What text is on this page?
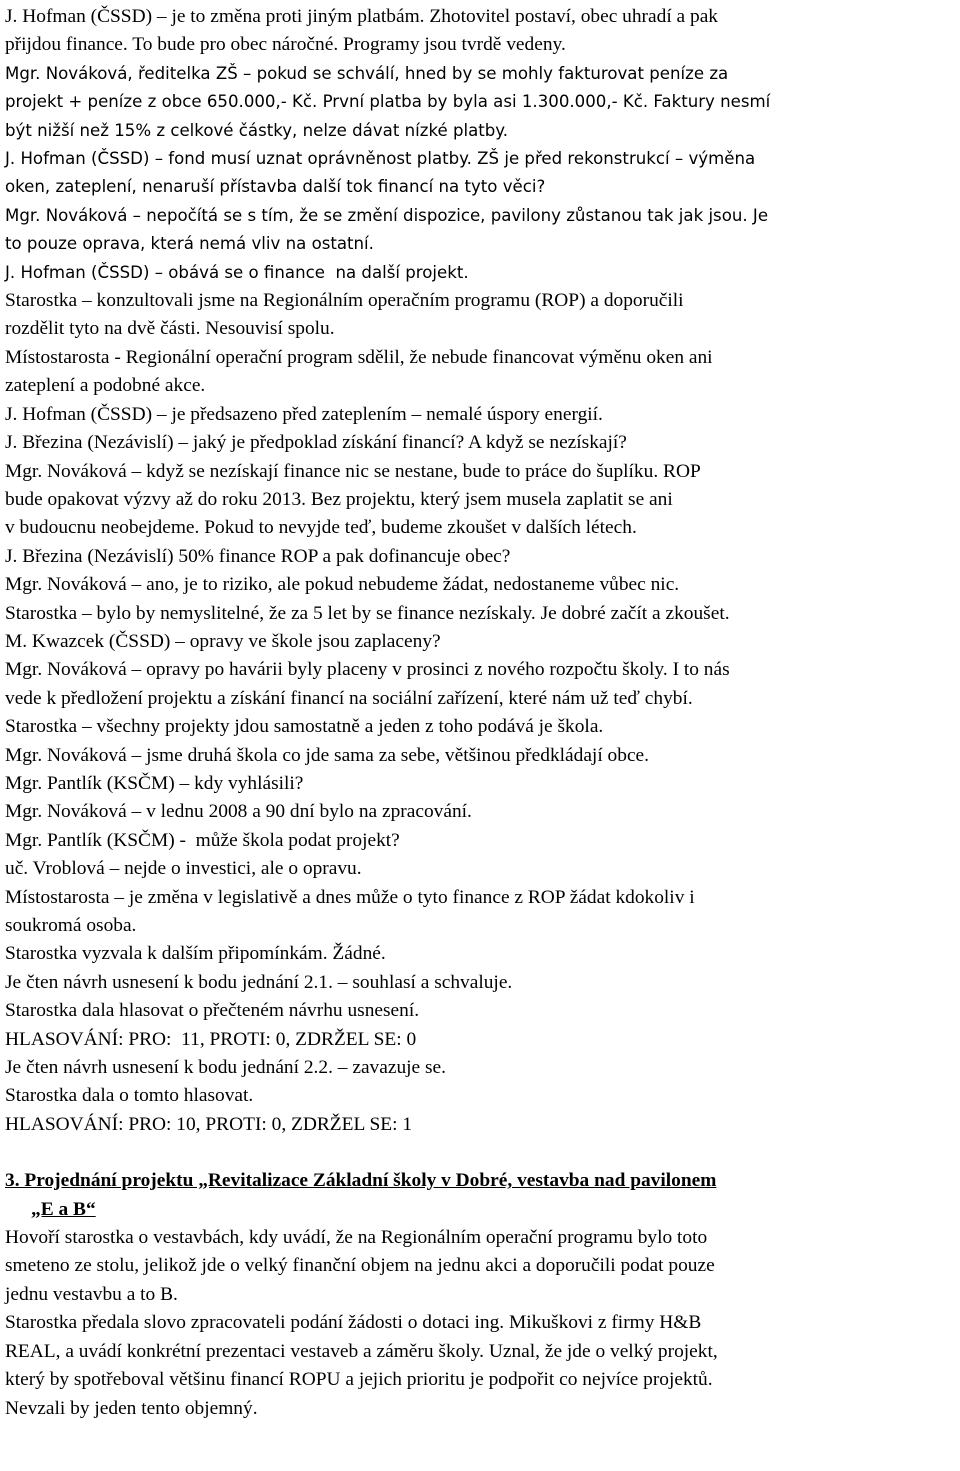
J. Hofman (ČSSD) – je to změna proti jiným platbám. Zhotovitel postaví, obec uhradí a pak
přijdou finance. To bude pro obec náročné. Programy jsou tvrdě vedeny.

Mgr. Nováková, ředitelka ZŠ – pokud se schválí, hned by se mohly fakturovat peníze za
projekt + peníze z obce 650.000,- Kč. První platba by byla asi 1.300.000,- Kč. Faktury nesmí
být nižší než 15% z celkové částky, nelze dávat nízké platby.

J. Hofman (ČSSD) – fond musí uznat oprávněnost platby. ZŠ je před rekonstrukcí – výměna
oken, zateplení, nenaruší přístavba další tok financí na tyto věci?

Mgr. Nováková – nepočítá se s tím, že se změní dispozice, pavilony zůstanou tak jak jsou. Je
to pouze oprava, která nemá vliv na ostatní.

J. Hofman (ČSSD) – obává se o finance  na další projekt.

Starostka – konzultovali jsme na Regionálním operačním programu (ROP) a doporučili
rozdělit tyto na dvě části. Nesouvisí spolu.

Místostarosta - Regionální operační program sdělil, že nebude financovat výměnu oken ani
zateplení a podobné akce.

J. Hofman (ČSSD) – je předsazeno před zateplením – nemalé úspory energií.

J. Březina (Nezávislí) – jaký je předpoklad získání financí? A když se nezískají?

Mgr. Nováková – když se nezískají finance nic se nestane, bude to práce do šuplíku. ROP
bude opakovat výzvy až do roku 2013. Bez projektu, který jsem musela zaplatit se ani
v budoucnu neobejdeme. Pokud to nevyjde teď, budeme zkoušet v dalších létech.

J. Březina (Nezávislí) 50% finance ROP a pak dofinancuje obec?

Mgr. Nováková – ano, je to riziko, ale pokud nebudeme žádat, nedostaneme vůbec nic.

Starostka – bylo by nemyslitelné, že za 5 let by se finance nezískaly. Je dobré začít a zkoušet.

M. Kwazcek (ČSSD) – opravy ve škole jsou zaplaceny?

Mgr. Nováková – opravy po havárii byly placeny v prosinci z nového rozpočtu školy. I to nás
vede k předložení projektu a získání financí na sociální zařízení, které nám už teď chybí.

Starostka – všechny projekty jdou samostatně a jeden z toho podává je škola.

Mgr. Nováková – jsme druhá škola co jde sama za sebe, většinou předkládají obce.

Mgr. Pantlík (KSČM) – kdy vyhlásili?

Mgr. Nováková – v lednu 2008 a 90 dní bylo na zpracování.

Mgr. Pantlík (KSČM) -  může škola podat projekt?

uč. Vroblová – nejde o investici, ale o opravu.

Místostarosta – je změna v legislativě a dnes může o tyto finance z ROP žádat kdokoliv i
soukromá osoba.

Starostka vyzvala k dalším připomínkám. Žádné.

Je čten návrh usnesení k bodu jednání 2.1. – souhlasí a schvaluje.

Starostka dala hlasovat o přečteném návrhu usnesení.

HLASOVÁNÍ: PRO:  11, PROTI: 0, ZDRŽEL SE: 0

Je čten návrh usnesení k bodu jednání 2.2. – zavazuje se.

Starostka dala o tomto hlasovat.

HLASOVÁNÍ: PRO: 10, PROTI: 0, ZDRŽEL SE: 1

3. Projednání projektu „Revitalizace Základní školy v Dobré, vestavba nad pavilonem
„E a B“

Hovoří starostka o vestavbách, kdy uvádí, že na Regionálním operační programu bylo toto
smeteno ze stolu, jelikož jde o velký finanční objem na jednu akci a doporučili podat pouze
jednu vestavbu a to B.

Starostka předala slovo zpracovateli podání žádosti o dotaci ing. Mikuškovi z firmy H&B
REAL, a uvádí konkrétní prezentaci vestaveb a záměru školy. Uznal, že jde o velký projekt,
který by spotřeboval většinu financí ROPU a jejich prioritu je podpořit co nejvíce projektů.
Nevzali by jeden tento objemný.
